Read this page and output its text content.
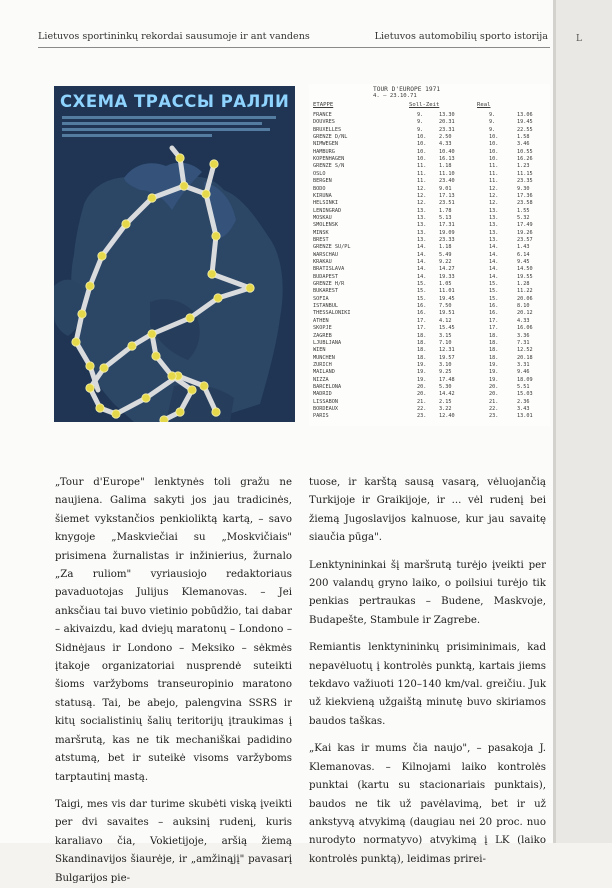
L
Lietuvos sportininkų rekordai sausumoje ir ant vandens	Lietuvos automobilių sporto istorija
СХЕМА ТРАССЫ РАЛЛИ
TOUR D'EUROPE 1971
4. – 23.10.71
ETAPPE	Soll-Zeit	Real
FRANCE	9.	13.30	9.	13.06
DOUVRES	9.	20.31	9.	19.45
BRUXELLES	9.	23.31	9.	22.55
GRENZE D/NL	10. 2.50	10.	1.58
NIMWEGEN	10. 4.33	10.	3.46
HAMBURG	10. 10.40	10.	10.55
KOPENHAGEN	10. 16.13	10.	16.26
GRENZE S/N	11. 1.18	11.	1.23
OSLO	11. 11.10	11.	11.15
BERGEN	11. 23.40	11.	23.35
BODO	12. 9.01	12.	9.30
KIRUNA	12. 17.13	12.	17.36
HELSINKI	12. 23.51	12.	23.58
LENINGRAD	13. 1.78	13.	1.55
MOSKAU	13. 5.13	13.	5.32
SMOLENSK	13. 17.31	13.	17.49
MINSK	13. 19.09	13.	19.26
BREST	13. 23.33	13.	23.57
GRENZE SU/PL	14. 1.18	14.	1.43
WARSCHAU	14. 5.49	14.	6.14
KRAKAU	14. 9.22	14.	9.45
BRATISLAVA	14. 14.27	14.	14.50
BUDAPEST	14. 19.33	14.	19.55
GRENZE H/R	15. 1.05	15.	1.28
BUKAREST	15. 11.01	15.	11.22
SOFIA	15. 19.45	15.	20.06
ISTANBUL	16. 7.50	16.	8.10
THESSALONIKI	16. 19.51	16.	20.12
ATHEN	17. 4.12	17.	4.33
SKOPJE	17. 15.45	17.	16.06
ZAGREB	18. 3.15	18.	3.36
LJUBLJANA	18. 7.10	18.	7.31
WIEN	18. 12.31	18.	12.52
MUNCHEN	18. 19.57	18.	20.18
ZURICH	19. 3.10	19.	3.31
MAILAND	19. 9.25	19.	9.46
NIZZA	19. 17.48	19.	18.09
BARCELONA	20. 5.30	20.	5.51
MADRID	20. 14.42	20.	15.03
LISSABON	21. 2.15	21.	2.36
BORDEAUX	22. 3.22	22.	3.43
PARIS	23. 12.40	23.	13.01

„Tour d'Europe" lenktynės toli gražu ne naujiena. Galima sakyti jos jau tradicinės, šiemet vykstančios penkioliktą kartą, – savo knygoje „Maskviečiai su „Moskvičiais" prisimena žurnalistas ir inžinierius, žurnalo „Za ruliom" vyriausiojo redaktoriaus pavaduotojas Julijus Klemanovas. – Jei anksčiau tai buvo vietinio pobūdžio, tai dabar – akivaizdu, kad dviejų maratonų – Londono – Sidnėjaus ir Londono – Meksiko – sėkmės įtakoje organizatoriai nusprendė suteikti šioms varžyboms transeuropinio maratono statusą. Tai, be abejo, palengvina SSRS ir kitų socialistinių šalių teritorijų įtraukimas į maršrutą, kas ne tik mechaniškai padidino atstumą, bet ir suteikė visoms varžyboms tarptautinį mastą.

Taigi, mes vis dar turime skubėti viską įveikti per dvi savaites – auksinį rudenį, kuris karaliavo čia, Vokietijoje, aršią žiemą Skandinavijos šiaurėje, ir „amžinąjį" pavasarį Bulgarijos pie-

tuose, ir karštą sausą vasarą, vėluojančią Turkijoje ir Graikijoje, ir ... vėl rudenį bei žiemą Jugoslavijos kalnuose, kur jau savaitę siaučia pūga".

Lenktynininkai šį maršrutą turėjo įveikti per 200 valandų gryno laiko, o poilsiui turėjo tik penkias pertraukas – Budene, Maskvoje, Budapešte, Stambule ir Zagrebe.

Remiantis lenktynininkų prisiminimais, kad nepavėluotų į kontrolės punktą, kartais jiems tekdavo važiuoti 120–140 km/val. greičiu. Juk už kiekvieną užgaištą minutę buvo skiriamos baudos taškas.

„Kai kas ir mums čia naujo", – pasakoja J. Klemanovas. – Kilnojami laiko kontrolės punktai (kartu su stacionariais punktais), baudos ne tik už pavėlavimą, bet ir už ankstyvą atvykimą (daugiau nei 20 proc. nuo nurodyto normatyvo) atvykimą į LK (laiko kontrolės punktą), leidimas prirei-
